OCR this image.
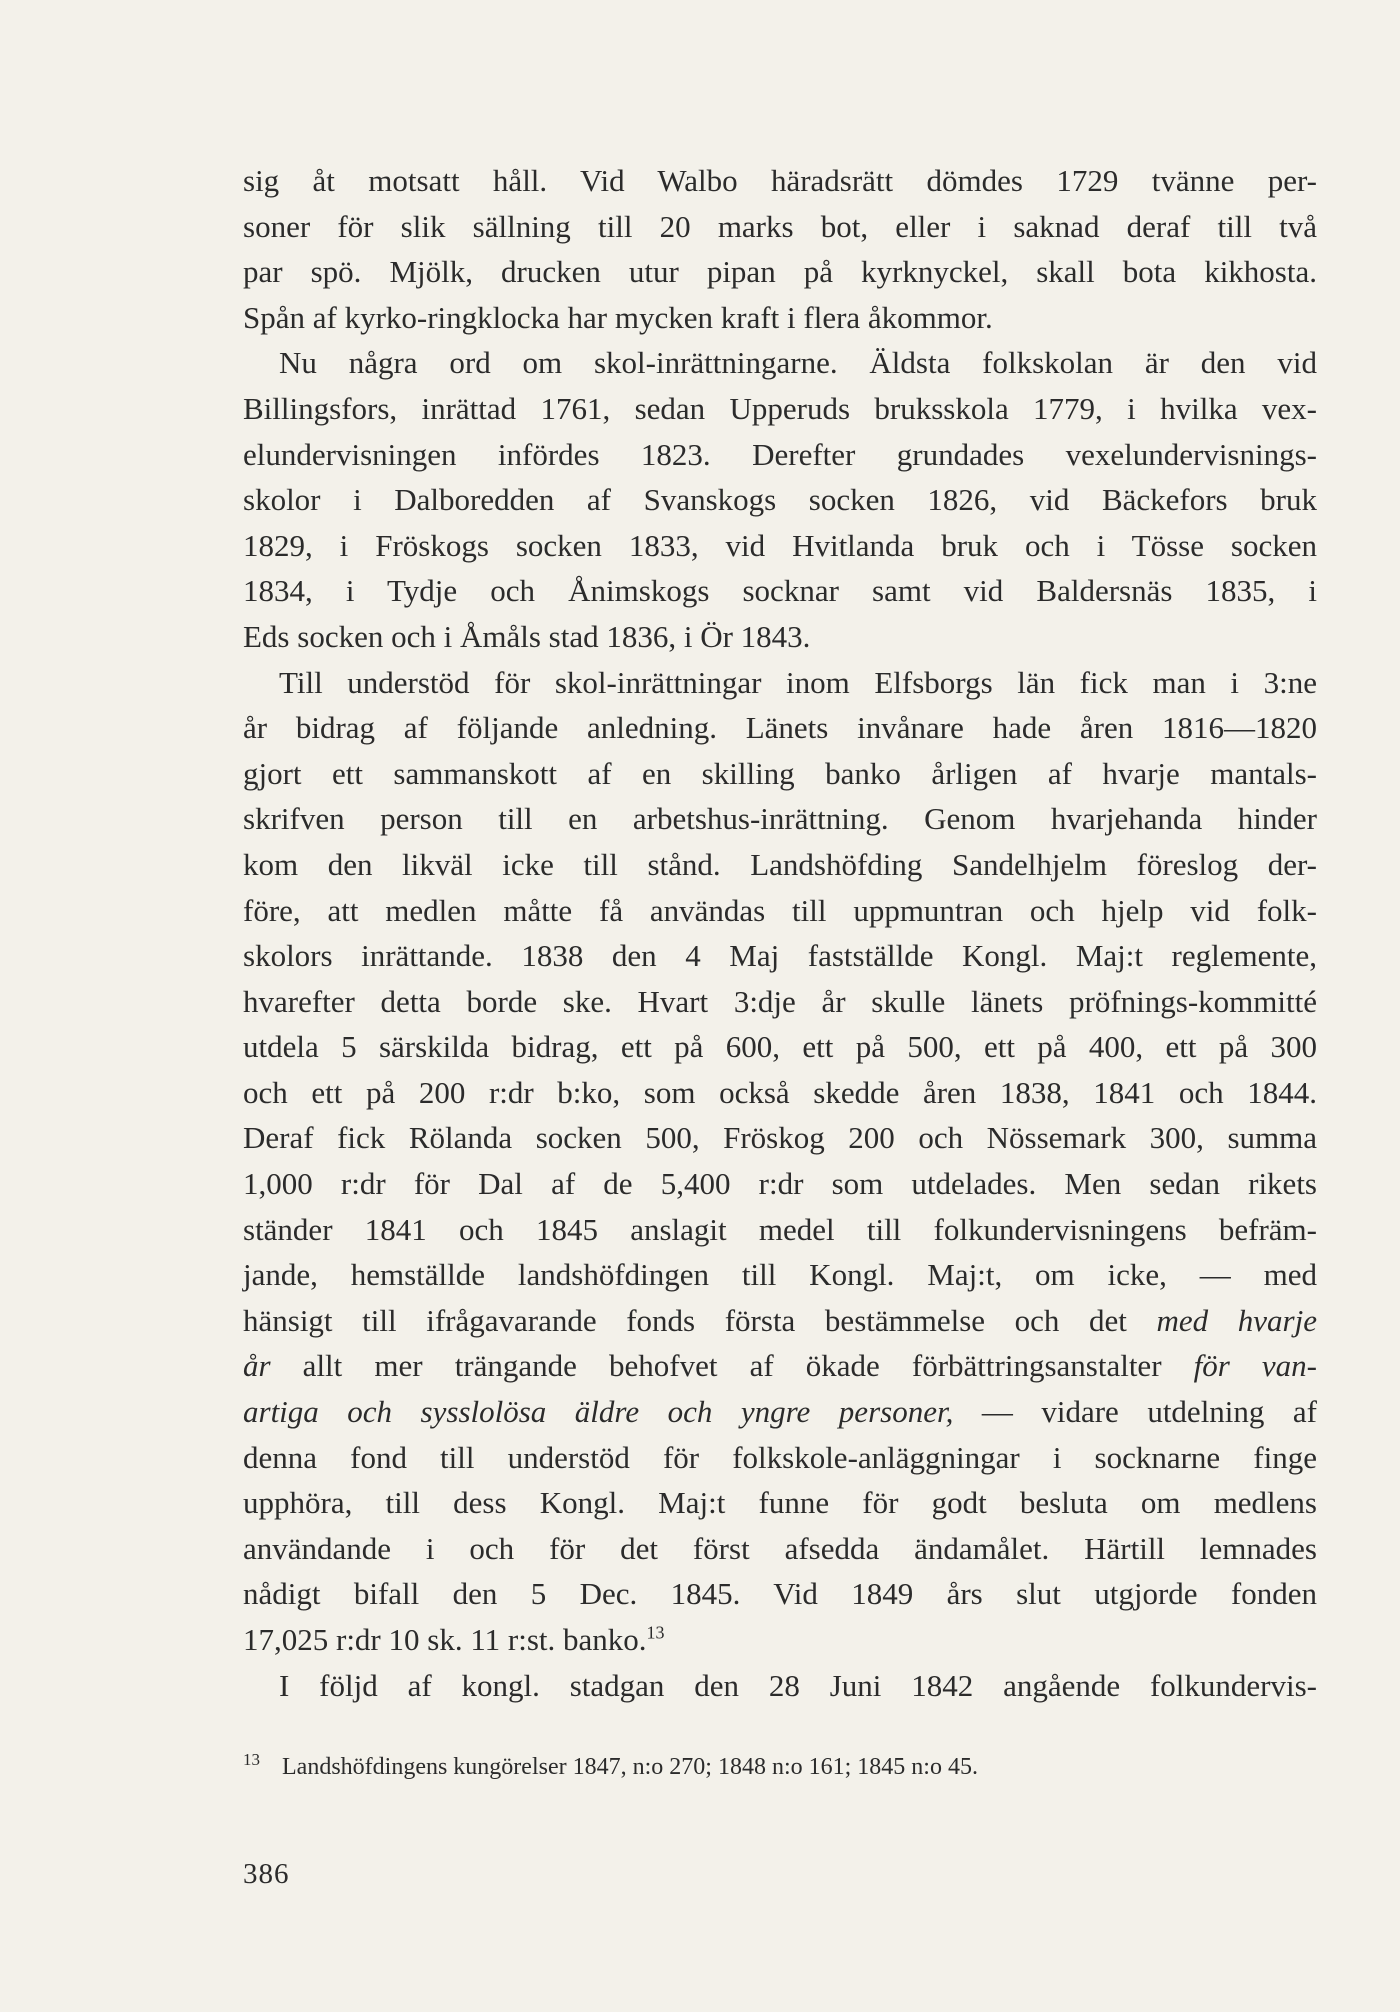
sig åt motsatt håll. Vid Walbo häradsrätt dömdes 1729 tvänne per-
soner för slik sällning till 20 marks bot, eller i saknad deraf till två
par spö. Mjölk, drucken utur pipan på kyrknyckel, skall bota kikhosta.
Spån af kyrko-ringklocka har mycken kraft i flera åkommor.
Nu några ord om skol-inrättningarne. Äldsta folkskolan är den vid
Billingsfors, inrättad 1761, sedan Upperuds bruksskola 1779, i hvilka vex-
elundervisningen infördes 1823. Derefter grundades vexelundervisnings-
skolor i Dalboredden af Svanskogs socken 1826, vid Bäckefors bruk
1829, i Fröskogs socken 1833, vid Hvitlanda bruk och i Tösse socken
1834, i Tydje och Ånimskogs socknar samt vid Baldersnäs 1835, i
Eds socken och i Åmåls stad 1836, i Ör 1843.
Till understöd för skol-inrättningar inom Elfsborgs län fick man i 3:ne
år bidrag af följande anledning. Länets invånare hade åren 1816—1820
gjort ett sammanskott af en skilling banko årligen af hvarje mantals-
skrifven person till en arbetshus-inrättning. Genom hvarjehanda hinder
kom den likväl icke till stånd. Landshöfding Sandelhjelm föreslog der-
före, att medlen måtte få användas till uppmuntran och hjelp vid folk-
skolors inrättande. 1838 den 4 Maj fastställde Kongl. Maj:t reglemente,
hvarefter detta borde ske. Hvart 3:dje år skulle länets pröfnings-kommitté
utdela 5 särskilda bidrag, ett på 600, ett på 500, ett på 400, ett på 300
och ett på 200 r:dr b:ko, som också skedde åren 1838, 1841 och 1844.
Deraf fick Rölanda socken 500, Fröskog 200 och Nössemark 300, summa
1,000 r:dr för Dal af de 5,400 r:dr som utdelades. Men sedan rikets
ständer 1841 och 1845 anslagit medel till folkundervisningens befräm-
jande, hemställde landshöfdingen till Kongl. Maj:t, om icke, — med
hänsigt till ifrågavarande fonds första bestämmelse och det med hvarje
år allt mer trängande behofvet af ökade förbättringsanstalter för van-
artiga och sysslolösa äldre och yngre personer, — vidare utdelning af
denna fond till understöd för folkskole-anläggningar i socknarne finge
upphöra, till dess Kongl. Maj:t funne för godt besluta om medlens
användande i och för det först afsedda ändamålet. Härtill lemnades
nådigt bifall den 5 Dec. 1845. Vid 1849 års slut utgjorde fonden
17,025 r:dr 10 sk. 11 r:st. banko.$^{13}$
I följd af kongl. stadgan den 28 Juni 1842 angående folkundervis-
$^{13}$ Landshöfdingens kungörelser 1847, n:o 270; 1848 n:o 161; 1845 n:o 45.
386
